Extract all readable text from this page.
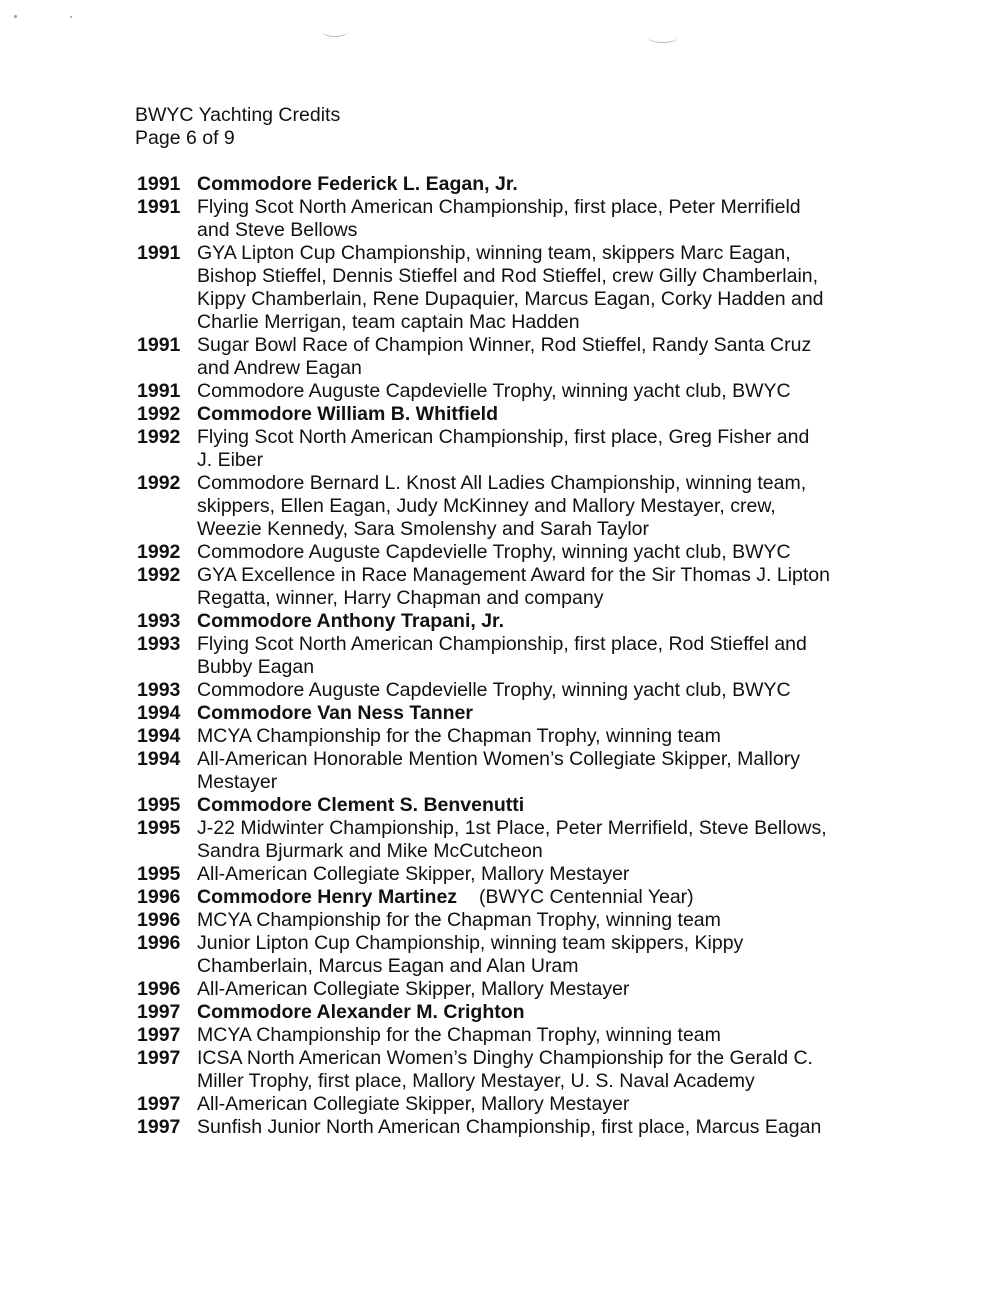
BWYC Yachting Credits
Page 6 of 9
1991 Commodore Federick L. Eagan, Jr.
1991 Flying Scot North American Championship, first place, Peter Merrifield
and Steve Bellows
1991 GYA Lipton Cup Championship, winning team, skippers Marc Eagan,
Bishop Stieffel, Dennis Stieffel and Rod Stieffel, crew Gilly Chamberlain,
Kippy Chamberlain, Rene Dupaquier, Marcus Eagan, Corky Hadden and
Charlie Merrigan, team captain Mac Hadden
1991 Sugar Bowl Race of Champion Winner, Rod Stieffel, Randy Santa Cruz
and Andrew Eagan
1991 Commodore Auguste Capdevielle Trophy, winning yacht club, BWYC
1992 Commodore William B. Whitfield
1992 Flying Scot North American Championship, first place, Greg Fisher and
J. Eiber
1992 Commodore Bernard L. Knost All Ladies Championship, winning team,
skippers, Ellen Eagan, Judy McKinney and Mallory Mestayer, crew,
Weezie Kennedy, Sara Smolenshy and Sarah Taylor
1992 Commodore Auguste Capdevielle Trophy, winning yacht club, BWYC
1992 GYA Excellence in Race Management Award for the Sir Thomas J. Lipton
Regatta, winner, Harry Chapman and company
1993 Commodore Anthony Trapani, Jr.
1993 Flying Scot North American Championship, first place, Rod Stieffel and
Bubby Eagan
1993 Commodore Auguste Capdevielle Trophy, winning yacht club, BWYC
1994 Commodore Van Ness Tanner
1994 MCYA Championship for the Chapman Trophy, winning team
1994 All-American Honorable Mention Women’s Collegiate Skipper, Mallory
Mestayer
1995 Commodore Clement S. Benvenutti
1995 J-22 Midwinter Championship, 1st Place, Peter Merrifield, Steve Bellows,
Sandra Bjurmark and Mike McCutcheon
1995 All-American Collegiate Skipper, Mallory Mestayer
1996 Commodore Henry Martinez (BWYC Centennial Year)
1996 MCYA Championship for the Chapman Trophy, winning team
1996 Junior Lipton Cup Championship, winning team skippers, Kippy
Chamberlain, Marcus Eagan and Alan Uram
1996 All-American Collegiate Skipper, Mallory Mestayer
1997 Commodore Alexander M. Crighton
1997 MCYA Championship for the Chapman Trophy, winning team
1997 ICSA North American Women’s Dinghy Championship for the Gerald C.
Miller Trophy, first place, Mallory Mestayer, U. S. Naval Academy
1997 All-American Collegiate Skipper, Mallory Mestayer
1997 Sunfish Junior North American Championship, first place, Marcus Eagan
